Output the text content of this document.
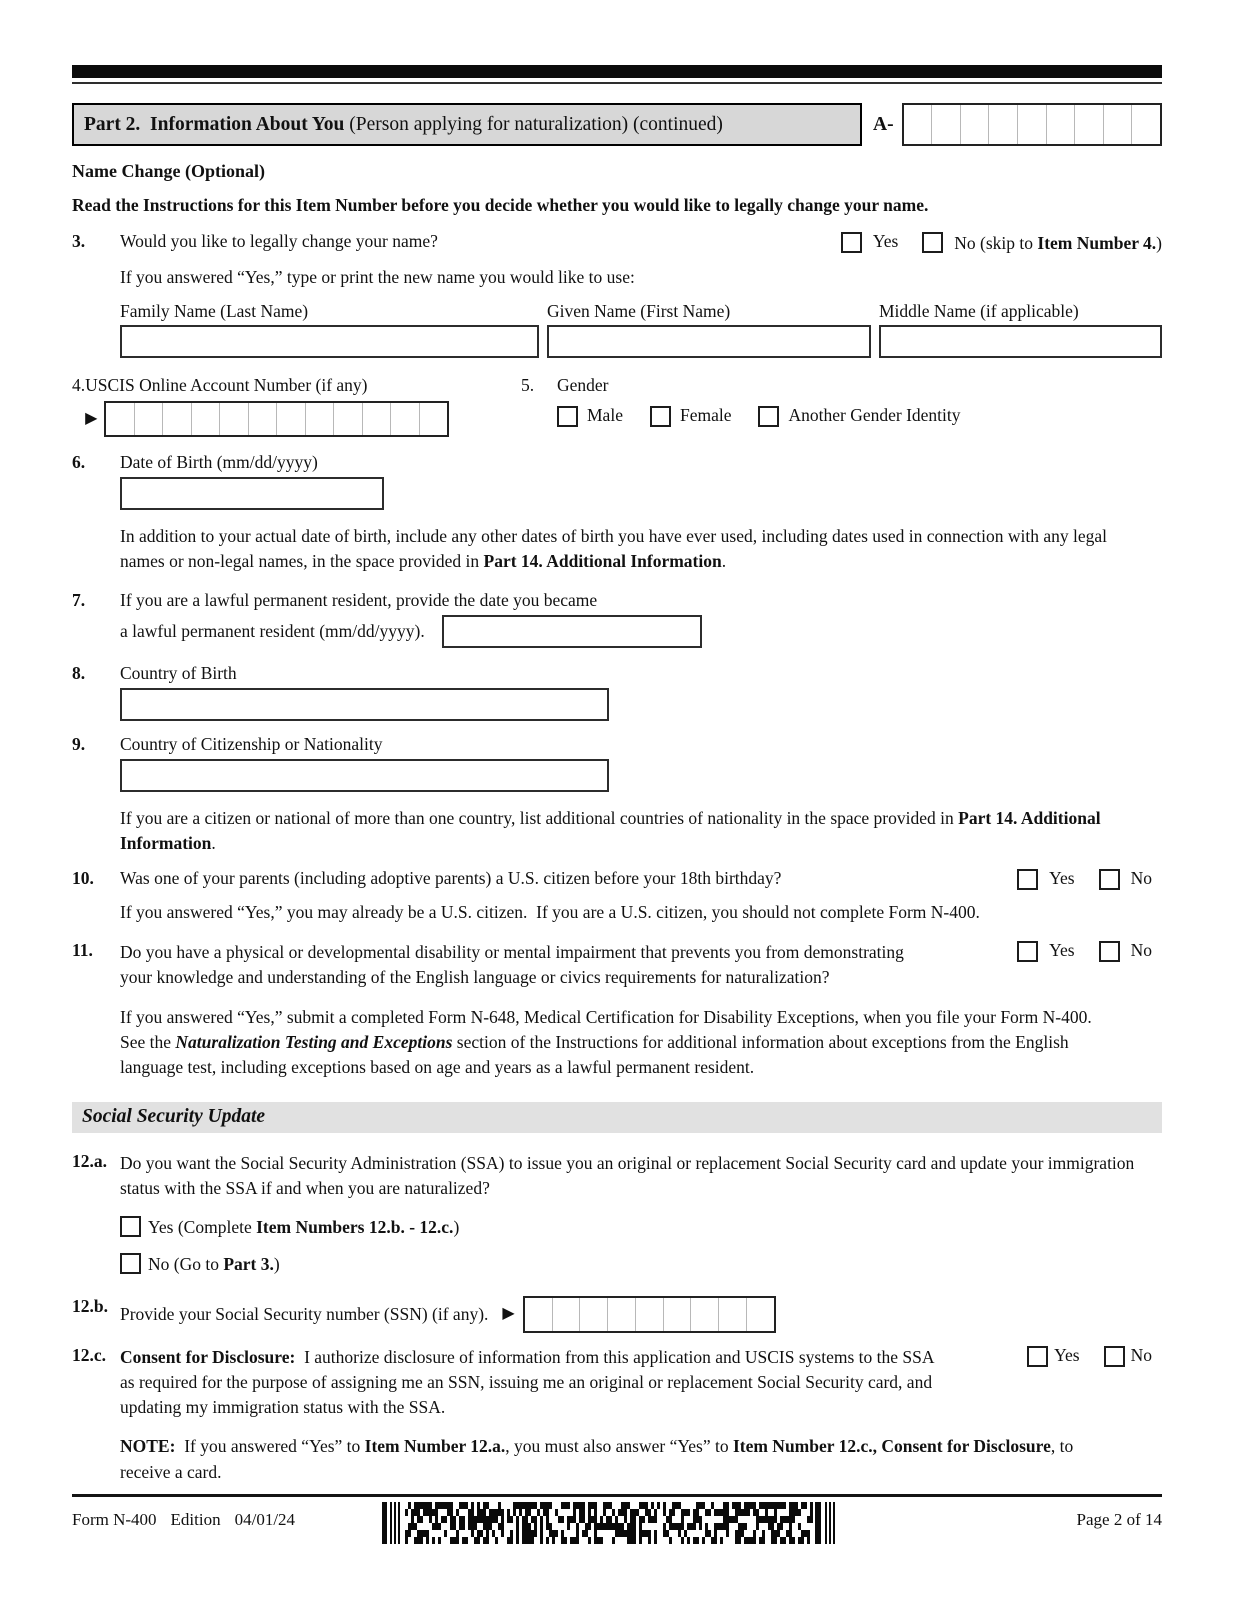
Part 2.  Information About You (Person applying for naturalization) (continued)	A-
Name Change (Optional)
Read the Instructions for this Item Number before you decide whether you would like to legally change your name.
3.	Would you like to legally change your name?	Yes	No (skip to Item Number 4.)
If you answered “Yes,” type or print the new name you would like to use:
Family Name (Last Name)	Given Name (First Name)	Middle Name (if applicable)
4. USCIS Online Account Number (if any)
▶
5.	Gender
Male	Female	Another Gender Identity
6.	Date of Birth (mm/dd/yyyy)
In addition to your actual date of birth, include any other dates of birth you have ever used, including dates used in connection with any legal names or non-legal names, in the space provided in Part 14. Additional Information.
7.	If you are a lawful permanent resident, provide the date you became
a lawful permanent resident (mm/dd/yyyy).
8.	Country of Birth
9.	Country of Citizenship or Nationality
If you are a citizen or national of more than one country, list additional countries of nationality in the space provided in Part 14. Additional Information.
10.	Was one of your parents (including adoptive parents) a U.S. citizen before your 18th birthday?	Yes	No
If you answered “Yes,” you may already be a U.S. citizen.  If you are a U.S. citizen, you should not complete Form N-400.
11.	Do you have a physical or developmental disability or mental impairment that prevents you from demonstrating your knowledge and understanding of the English language or civics requirements for naturalization?
Yes	No
If you answered “Yes,” submit a completed Form N-648, Medical Certification for Disability Exceptions, when you file your Form N-400.  See the Naturalization Testing and Exceptions section of the Instructions for additional information about exceptions from the English language test, including exceptions based on age and years as a lawful permanent resident.
Social Security Update
12.a. Do you want the Social Security Administration (SSA) to issue you an original or replacement Social Security card and update your immigration status with the SSA if and when you are naturalized?
Yes (Complete Item Numbers 12.b. - 12.c.)
No (Go to Part 3.)
12.b. Provide your Social Security number (SSN) (if any). ▶
12.c. Consent for Disclosure:  I authorize disclosure of information from this application and USCIS systems to the SSA as required for the purpose of assigning me an SSN, issuing me an original or replacement Social Security card, and updating my immigration status with the SSA.
Yes	No
NOTE:  If you answered “Yes” to Item Number 12.a., you must also answer “Yes” to Item Number 12.c., Consent for Disclosure, to receive a card.
Form N-400 Edition 04/01/24	Page 2 of 14
